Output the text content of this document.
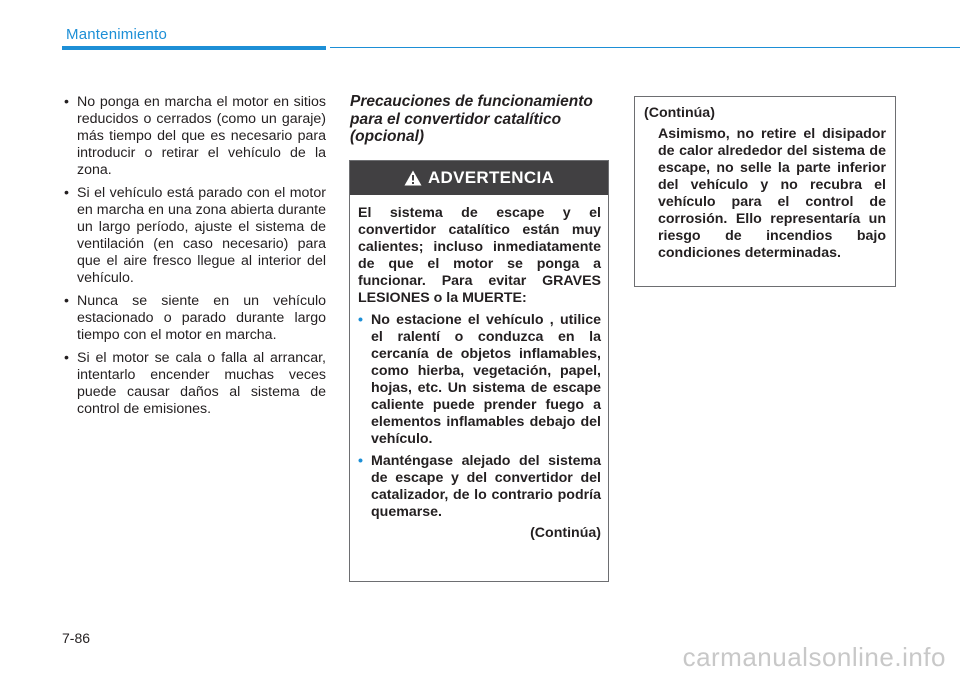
Mantenimiento
• No ponga en marcha el motor en sitios reducidos o cerrados (como un garaje) más tiempo del que es necesario para introducir o retirar el vehículo de la zona.
• Si el vehículo está parado con el motor en marcha en una zona abierta durante un largo período, ajuste el sistema de ventilación (en caso necesario) para que el aire fresco llegue al interior del vehículo.
• Nunca se siente en un vehículo estacionado o parado durante largo tiempo con el motor en marcha.
• Si el motor se cala o falla al arrancar, intentarlo encender muchas veces puede causar daños al sistema de control de emisiones.
Precauciones de funcionamiento para el convertidor catalítico (opcional)
ADVERTENCIA
El sistema de escape y el convertidor catalítico están muy calientes; incluso inmediatamente de que el motor se ponga a funcionar. Para evitar GRAVES LESIONES o la MUERTE:
• No estacione el vehículo , utilice el ralentí o conduzca en la cercanía de objetos inflamables, como hierba, vegetación, papel, hojas, etc. Un sistema de escape caliente puede prender fuego a elementos inflamables debajo del vehículo.
• Manténgase alejado del sistema de escape y del convertidor del catalizador, de lo contrario podría quemarse.
(Continúa)
(Continúa)
Asimismo, no retire el disipador de calor alrededor del sistema de escape, no selle la parte inferior del vehículo y no recubra el vehículo para el control de corrosión. Ello representaría un riesgo de incendios bajo condiciones determinadas.
7-86
carmanualsonline.info
